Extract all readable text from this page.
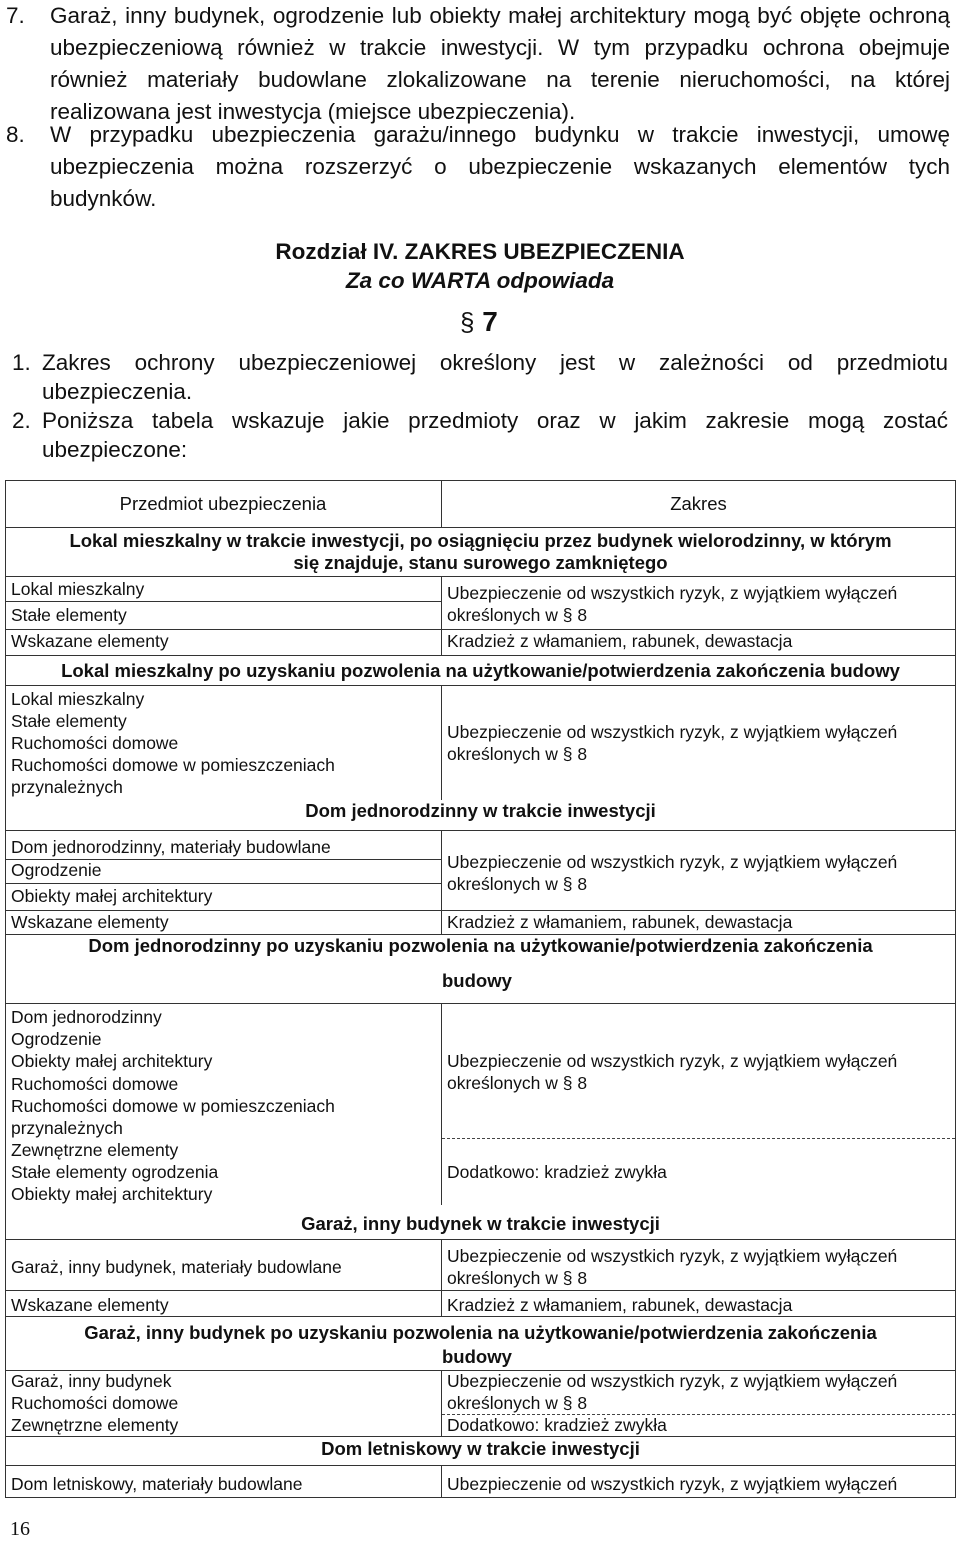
7. Garaż, inny budynek, ogrodzenie lub obiekty małej architektury mogą być objęte ochroną ubezpieczeniową również w trakcie inwestycji. W tym przypadku ochrona obejmuje również materiały budowlane zlokalizowane na terenie nieruchomości, na której realizowana jest inwestycja (miejsce ubezpieczenia).
8. W przypadku ubezpieczenia garażu/innego budynku w trakcie inwestycji, umowę ubezpieczenia można rozszerzyć o ubezpieczenie wskazanych elementów tych budynków.
Rozdział IV. ZAKRES UBEZPIECZENIA
Za co WARTA odpowiada
§ 7
1. Zakres ochrony ubezpieczeniowej określony jest w zależności od przedmiotu ubezpieczenia.
2. Poniższa tabela wskazuje jakie przedmioty oraz w jakim zakresie mogą zostać ubezpieczone:
Przedmiot ubezpieczenia	Zakres
Lokal mieszkalny w trakcie inwestycji, po osiągnięciu przez budynek wielorodzinny, w którym
się znajduje, stanu surowego zamkniętego
Lokal mieszkalny
Stałe elementy
Wskazane elementy
Ubezpieczenie od wszystkich ryzyk, z wyjątkiem wyłączeń
określonych w § 8
Kradzież z włamaniem, rabunek, dewastacja
Lokal mieszkalny po uzyskaniu pozwolenia na użytkowanie/potwierdzenia zakończenia budowy
Lokal mieszkalny
Stałe elementy
Ruchomości domowe
Ruchomości domowe w pomieszczeniach
przynależnych
Ubezpieczenie od wszystkich ryzyk, z wyjątkiem wyłączeń
określonych w § 8
Dom jednorodzinny w trakcie inwestycji
Dom jednorodzinny, materiały budowlane
Ogrodzenie
Obiekty małej architektury
Wskazane elementy
Ubezpieczenie od wszystkich ryzyk, z wyjątkiem wyłączeń
określonych w § 8
Kradzież z włamaniem, rabunek, dewastacja
Dom jednorodzinny po uzyskaniu pozwolenia na użytkowanie/potwierdzenia zakończenia
budowy
Dom jednorodzinny
Ogrodzenie
Obiekty małej architektury
Ruchomości domowe
Ruchomości domowe w pomieszczeniach
przynależnych
Zewnętrzne elementy
Stałe elementy ogrodzenia
Obiekty małej architektury
Ubezpieczenie od wszystkich ryzyk, z wyjątkiem wyłączeń
określonych w § 8
Dodatkowo: kradzież zwykła
Garaż, inny budynek w trakcie inwestycji
Garaż, inny budynek, materiały budowlane
Wskazane elementy
Ubezpieczenie od wszystkich ryzyk, z wyjątkiem wyłączeń
określonych w § 8
Kradzież z włamaniem, rabunek, dewastacja
Garaż, inny budynek po uzyskaniu pozwolenia na użytkowanie/potwierdzenia zakończenia
budowy
Garaż, inny budynek
Ruchomości domowe
Zewnętrzne elementy
Ubezpieczenie od wszystkich ryzyk, z wyjątkiem wyłączeń
określonych w § 8
Dodatkowo: kradzież zwykła
Dom letniskowy w trakcie inwestycji
Dom letniskowy, materiały budowlane	Ubezpieczenie od wszystkich ryzyk, z wyjątkiem wyłączeń
16
